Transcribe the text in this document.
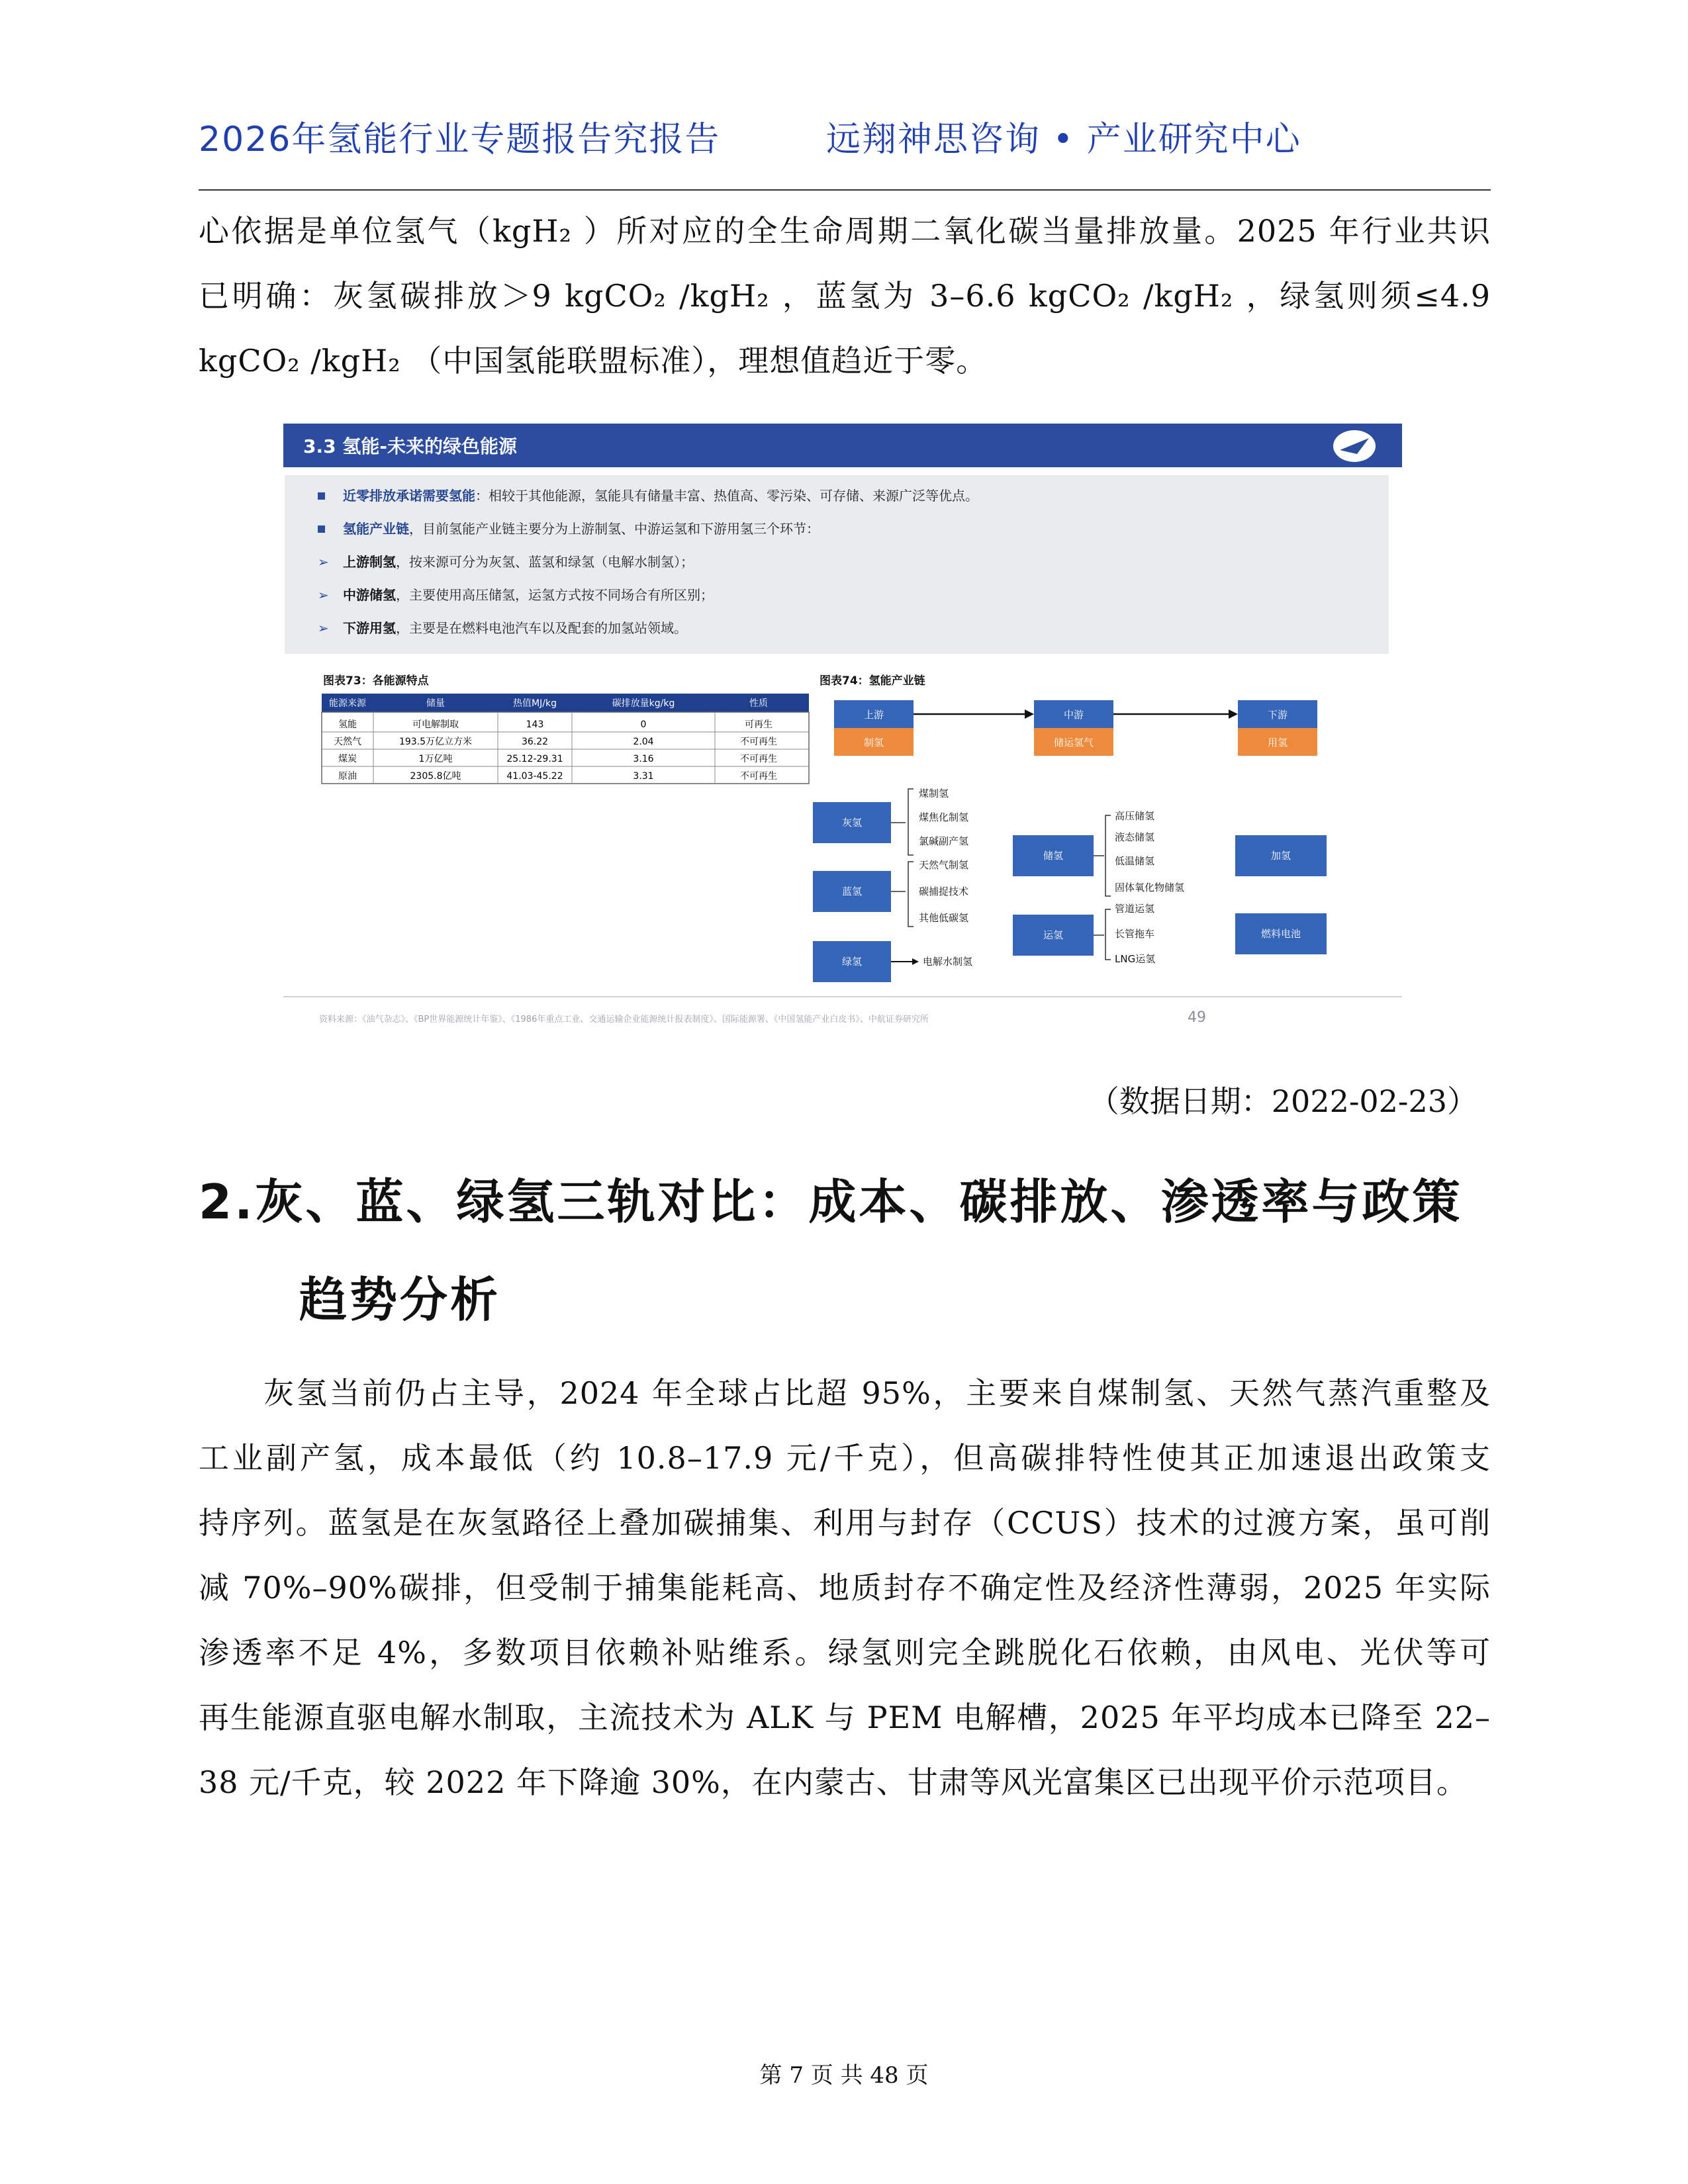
2026年氢能行业专题报告究报告	远翔神思咨询 • 产业研究中心

心依据是单位氢气（kgH₂ ）所对应的全生命周期二氧化碳当量排放量。2025 年行业共识
已明确：灰氢碳排放＞9 kgCO₂ /kgH₂ ，蓝氢为 3–6.6 kgCO₂ /kgH₂ ，绿氢则须≤4.9
kgCO₂ /kgH₂ （中国氢能联盟标准），理想值趋近于零。

3.3 氢能-未来的绿色能源
近零排放承诺需要氢能：相较于其他能源，氢能具有储量丰富、热值高、零污染、可存储、来源广泛等优点。
氢能产业链，目前氢能产业链主要分为上游制氢、中游运氢和下游用氢三个环节：
➢ 上游制氢，按来源可分为灰氢、蓝氢和绿氢（电解水制氢）；
➢ 中游储氢，主要使用高压储氢，运氢方式按不同场合有所区别；
➢ 下游用氢，主要是在燃料电池汽车以及配套的加氢站领域。
图表73：各能源特点
能源来源	储量	热值MJ/kg	碳排放量kg/kg	性质
氢能	可电解制取	143	0	可再生
天然气	193.5万亿立方米	36.22	2.04	不可再生
煤炭	1万亿吨	25.12-29.31	3.16	不可再生
原油	2305.8亿吨	41.03-45.22	3.31	不可再生
图表74：氢能产业链
上游
制氢
中游
储运氢气
下游
用氢
灰氢
蓝氢
绿氢
煤制氢
煤焦化制氢
氯碱副产氢
天然气制氢
碳捕捉技术
其他低碳氢
电解水制氢
储氢
运氢
高压储氢
液态储氢
低温储氢
固体氧化物储氢
管道运氢
长管拖车
LNG运氢
加氢
燃料电池
资料来源：《油气杂志》、《BP世界能源统计年鉴》、《1986年重点工业、交通运输企业能源统计报表制度》、国际能源署、《中国氢能产业白皮书》、中航证券研究所	49
（数据日期：2022-02-23）
2.灰、蓝、绿氢三轨对比：成本、碳排放、渗透率与政策
趋势分析

灰氢当前仍占主导，2024 年全球占比超 95%，主要来自煤制氢、天然气蒸汽重整及
工业副产氢，成本最低（约 10.8–17.9 元/千克），但高碳排特性使其正加速退出政策支
持序列。蓝氢是在灰氢路径上叠加碳捕集、利用与封存（CCUS）技术的过渡方案，虽可削
减 70%–90%碳排，但受制于捕集能耗高、地质封存不确定性及经济性薄弱，2025 年实际
渗透率不足 4%，多数项目依赖补贴维系。绿氢则完全跳脱化石依赖，由风电、光伏等可
再生能源直驱电解水制取，主流技术为 ALK 与 PEM 电解槽，2025 年平均成本已降至 22–
38 元/千克，较 2022 年下降逾 30%，在内蒙古、甘肃等风光富集区已出现平价示范项目。

第 7 页 共 48 页
